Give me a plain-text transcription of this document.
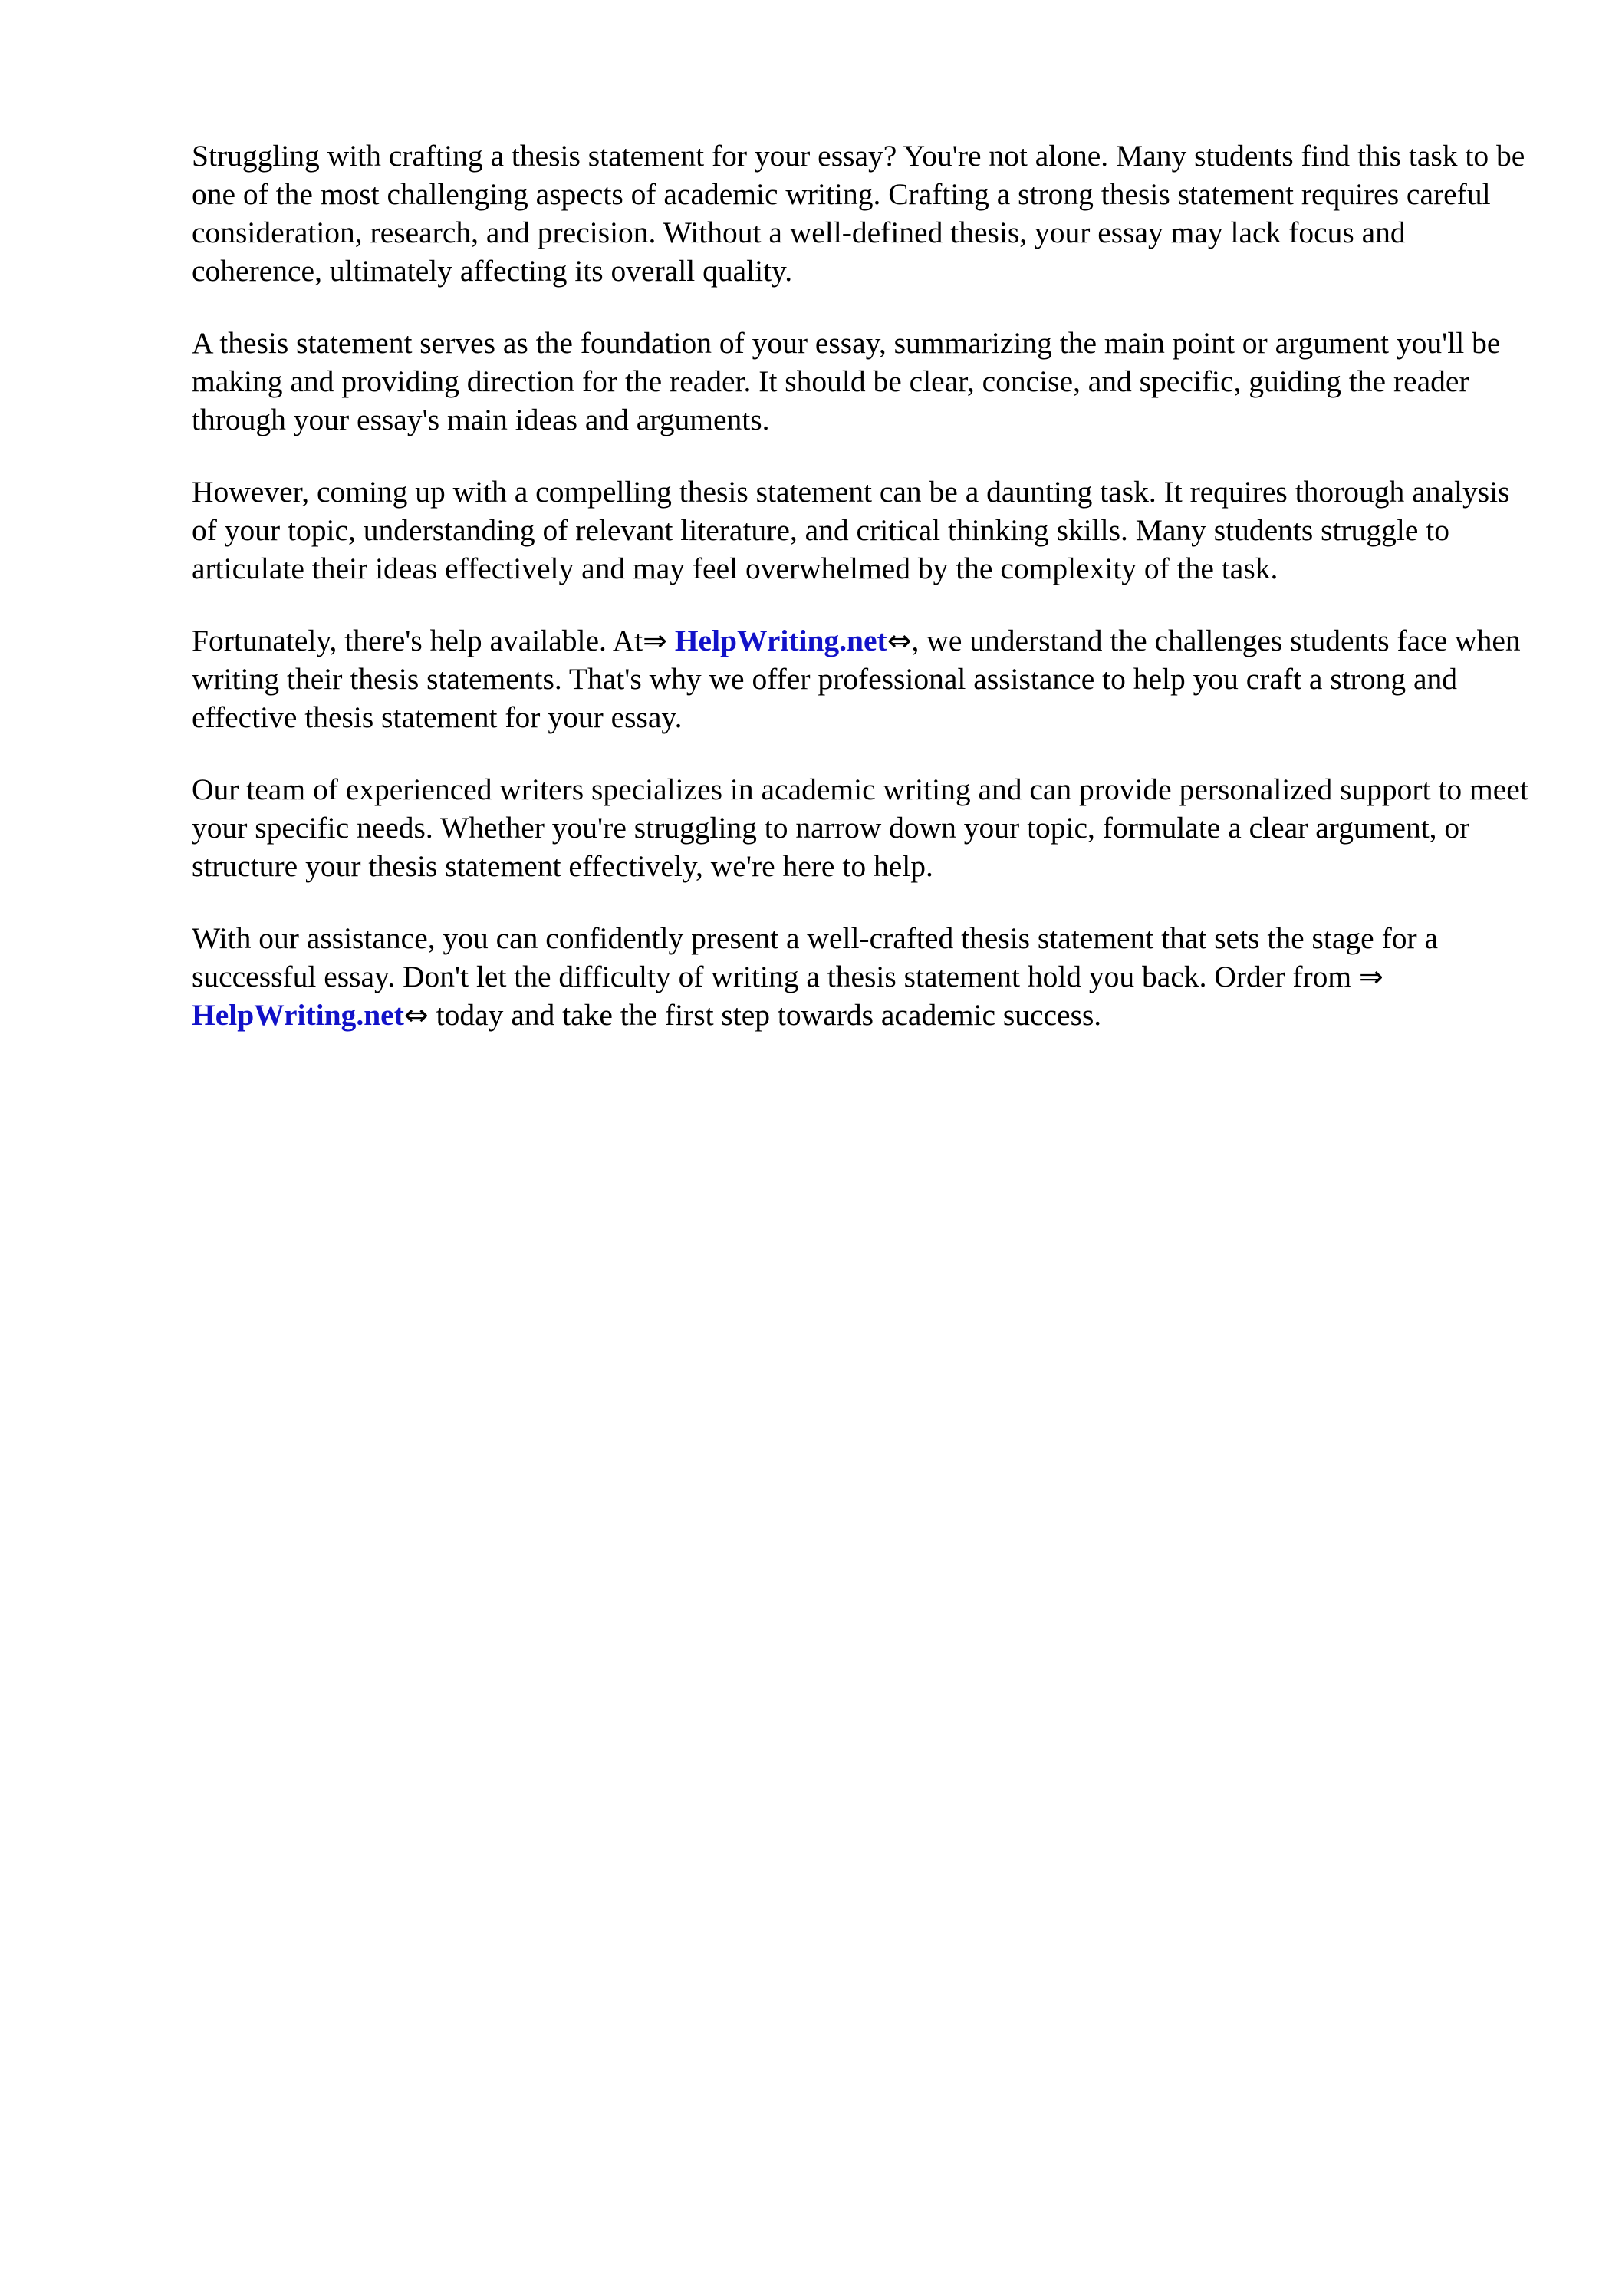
Struggling with crafting a thesis statement for your essay? You're not alone. Many students find this task to be one of the most challenging aspects of academic writing. Crafting a strong thesis statement requires careful consideration, research, and precision. Without a well-defined thesis, your essay may lack focus and coherence, ultimately affecting its overall quality.

A thesis statement serves as the foundation of your essay, summarizing the main point or argument you'll be making and providing direction for the reader. It should be clear, concise, and specific, guiding the reader through your essay's main ideas and arguments.

However, coming up with a compelling thesis statement can be a daunting task. It requires thorough analysis of your topic, understanding of relevant literature, and critical thinking skills. Many students struggle to articulate their ideas effectively and may feel overwhelmed by the complexity of the task.

Fortunately, there's help available. At⇒ HelpWriting.net⇔, we understand the challenges students face when writing their thesis statements. That's why we offer professional assistance to help you craft a strong and effective thesis statement for your essay.

Our team of experienced writers specializes in academic writing and can provide personalized support to meet your specific needs. Whether you're struggling to narrow down your topic, formulate a clear argument, or structure your thesis statement effectively, we're here to help.

With our assistance, you can confidently present a well-crafted thesis statement that sets the stage for a successful essay. Don't let the difficulty of writing a thesis statement hold you back. Order from ⇒ HelpWriting.net⇔ today and take the first step towards academic success.
